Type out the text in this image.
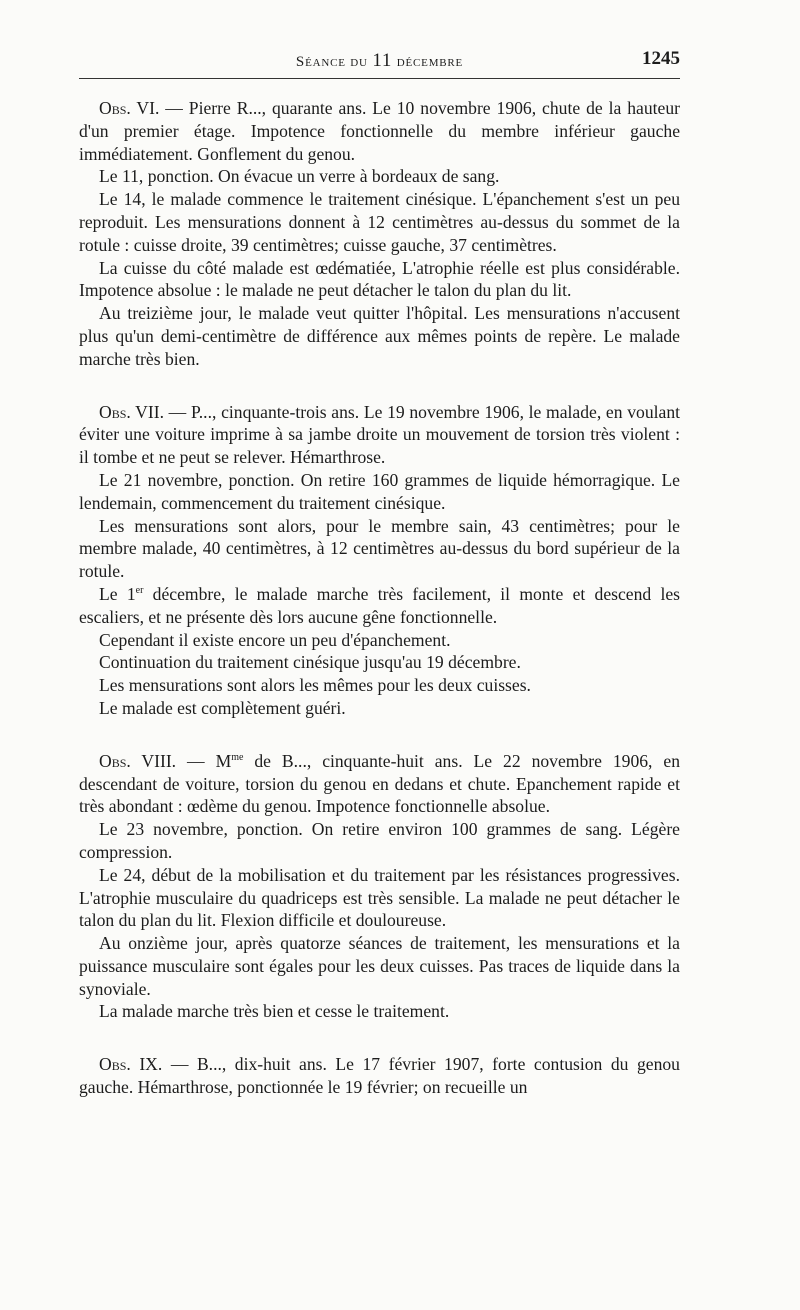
Séance du 11 décembre	1245

Obs. VI. — Pierre R..., quarante ans. Le 10 novembre 1906, chute de la hauteur d'un premier étage. Impotence fonctionnelle du membre inférieur gauche immédiatement. Gonflement du genou.

Le 11, ponction. On évacue un verre à bordeaux de sang.

Le 14, le malade commence le traitement cinésique. L'épanchement s'est un peu reproduit. Les mensurations donnent à 12 centimètres au-dessus du sommet de la rotule : cuisse droite, 39 centimètres; cuisse gauche, 37 centimètres.

La cuisse du côté malade est œdématiée, L'atrophie réelle est plus considérable. Impotence absolue : le malade ne peut détacher le talon du plan du lit.

Au treizième jour, le malade veut quitter l'hôpital. Les mensurations n'accusent plus qu'un demi-centimètre de différence aux mêmes points de repère. Le malade marche très bien.

Obs. VII. — P..., cinquante-trois ans. Le 19 novembre 1906, le malade, en voulant éviter une voiture imprime à sa jambe droite un mouvement de torsion très violent : il tombe et ne peut se relever. Hémarthrose.

Le 21 novembre, ponction. On retire 160 grammes de liquide hémorragique. Le lendemain, commencement du traitement cinésique.

Les mensurations sont alors, pour le membre sain, 43 centimètres; pour le membre malade, 40 centimètres, à 12 centimètres au-dessus du bord supérieur de la rotule.

Le 1er décembre, le malade marche très facilement, il monte et descend les escaliers, et ne présente dès lors aucune gêne fonctionnelle.

Cependant il existe encore un peu d'épanchement.

Continuation du traitement cinésique jusqu'au 19 décembre.

Les mensurations sont alors les mêmes pour les deux cuisses.

Le malade est complètement guéri.

Obs. VIII. — $M^{me}$ de B..., cinquante-huit ans. Le 22 novembre 1906, en descendant de voiture, torsion du genou en dedans et chute. Epanchement rapide et très abondant : œdème du genou. Impotence fonctionnelle absolue.

Le 23 novembre, ponction. On retire environ 100 grammes de sang. Légère compression.

Le 24, début de la mobilisation et du traitement par les résistances progressives. L'atrophie musculaire du quadriceps est très sensible. La malade ne peut détacher le talon du plan du lit. Flexion difficile et douloureuse.

Au onzième jour, après quatorze séances de traitement, les mensurations et la puissance musculaire sont égales pour les deux cuisses. Pas traces de liquide dans la synoviale.

La malade marche très bien et cesse le traitement.

Obs. IX. — B..., dix-huit ans. Le 17 février 1907, forte contusion du genou gauche. Hémarthrose, ponctionnée le 19 février; on recueille un
